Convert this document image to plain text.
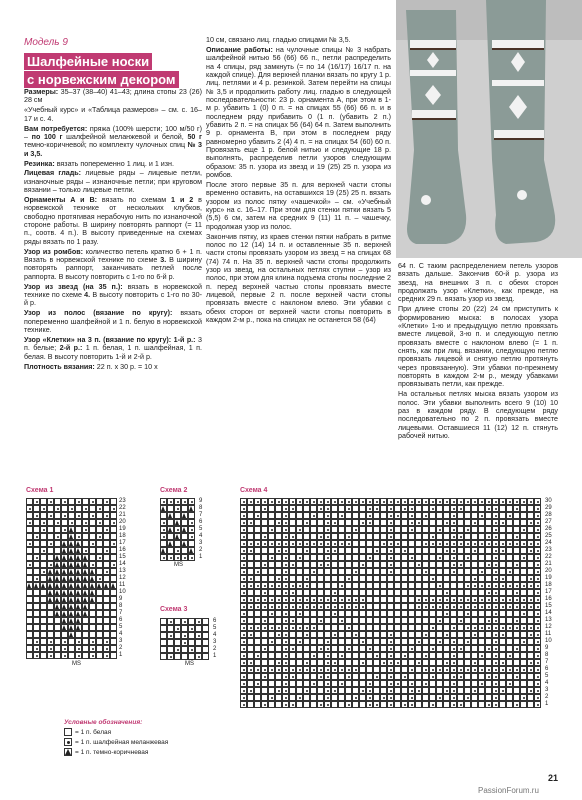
Модель 9
Шалфейные носки
с норвежским декором

Размеры: 35–37 (38–40) 41–43; длина стопы 23 (26) 28 см

«Учебный курс» и «Таблица размеров» – см. с. 16–17 и с. 4.

Вам потребуется: пряжа (100% шерсти; 100 м/50 г) – по 100 г шалфейной меланжевой и белой, 50 г темно-коричневой; по комплекту чулочных спиц № 3 и 3,5.

Резинка: вязать попеременно 1 лиц. и 1 изн.

Лицевая гладь: лицевые ряды – лицевые петли, изнаночные ряды – изнаночные петли; при круговом вязании – только лицевые петли.

Орнаменты A и B: вязать по схемам 1 и 2 в норвежской технике от нескольких клубков, свободно протягивая нерабочую нить по изнаночной стороне работы. В ширину повторять раппорт (= 11 п., соотв. 4 п.). В высоту приведенные на схемах ряды вязать по 1 разу.

Узор из ромбов: количество петель кратно 6 + 1 п. Вязать в норвежской технике по схеме 3. В ширину повторять раппорт, заканчивать петлей после раппорта. В высоту повторить с 1-го по 6-й р.

Узор из звезд (на 35 п.): вязать в норвежской технике по схеме 4. В высоту повторить с 1-го по 30-й р.

Узор из полос (вязание по кругу): вязать попеременно шалфейной и 1 п. белую в норвежской технике.

Узор «Клетки» на 3 п. (вязание по кругу): 1-й р.: 3 п. белые; 2-й р.: 1 п. белая, 1 п. шалфейная, 1 п. белая. В высоту повторить 1-й и 2-й р.

Плотность вязания: 22 п. х 30 р. = 10 х

10 см, связано лиц. гладью спицами № 3,5.

Описание работы: на чулочные спицы № 3 набрать шалфейной нитью 56 (66) 66 п., петли распределить на 4 спицы, ряд замкнуть (= по 14 (16/17) 16/17 п. на каждой спице). Для верхней планки вязать по кругу 1 р. лиц. петлями и 4 р. резинкой. Затем перейти на спицы № 3,5 и продолжить работу лиц. гладью в следующей последовательности: 23 р. орнамента А, при этом в 1-м р. убавить 1 (0) 0 п. = на спицах 55 (66) 66 п. и в последнем ряду прибавить 0 (1 п. (убавить 2 п.) убавить 2 п. = на спицах 56 (64) 64 п. Затем выполнить 9 р. орнамента В, при этом в последнем ряду равномерно убавить 2 (4) 4 п. = на спицах 54 (60) 60 п. Провязать еще 1 р. белой нитью и следующие 18 р. выполнять, распределив петли узоров следующим образом: 35 п. узора из звезд и 19 (25) 25 п. узора из ромбов.

После этого первые 35 п. для верхней части стопы временно оставить, на оставшихся 19 (25) 25 п. вязать узором из полос пятку «чашечкой» – см. «Учебный курс» на с. 16–17. При этом для стенки пятки вязать 5 (5,5) 6 см, затем на средних 9 (11) 11 п. – чашечку, продолжая узор из полос.

Закончив пятку, из краев стенки пятки набрать в ритме полос по 12 (14) 14 п. и оставленные 35 п. верхней части стопы провязать узором из звезд = на спицах 68 (74) 74 п. На 35 п. верхней части стопы продолжить узор из звезд, на остальных петлях ступни – узор из полос, при этом для клина подъема стопы последние 2 п. перед верхней частью стопы провязать вместе лицевой, первые 2 п. после верхней части стопы провязать вместе с наклоном влево. Эти убавки с обеих сторон от верхней части стопы повторить в каждом 2-м р., пока на спицах не останется 58 (64)

64 п. С таким распределением петель узоров вязать дальше. Закончив 60-й р. узора из звезд, на внешних 3 п. с обеих сторон продолжать узор «Клетки», как прежде, на средних 29 п. вязать узор из звезд.

При длине стопы 20 (22) 24 см приступить к формированию мыска: в полосах узора «Клетки» 1-ю и предыдущую петлю провязать вместе лицевой, 3-ю п. и следующую петлю провязать вместе с наклоном влево (= 1 п. снять, как при лиц. вязании, следующую петлю провязать лицевой и снятую петлю протянуть через провязанную). Эти убавки по-прежнему повторять в каждом 2-м р., между убавками провязывать петли, как прежде.

На остальных петлях мыска вязать узором из полос. Эти убавки выполнить всего 9 (10) 10 раз в каждом ряду. В следующем ряду последовательно по 2 п. провязать вместе лицевыми. Оставшиеся 11 (12) 12 п. стянуть рабочей нитью.

Схема 1
23
22
21
20
19
18
17
16
15
14
13
12
11
10
9
8
7
6
5
4
3
2
1
MS
Схема 2
9
8
7
6
5
4
3
2
1
MS
Схема 3
6
5
4
3
2
1
MS
Схема 4
30
29
28
27
26
25
24
23
22
21
20
19
18
17
16
15
14
13
12
11
10
9
8
7
6
5
4
3
2
1
Условные обозначения:
= 1 п. белая
= 1 п. шалфейная меланжевая
= 1 п. темно-коричневая
21
PassionForum.ru
